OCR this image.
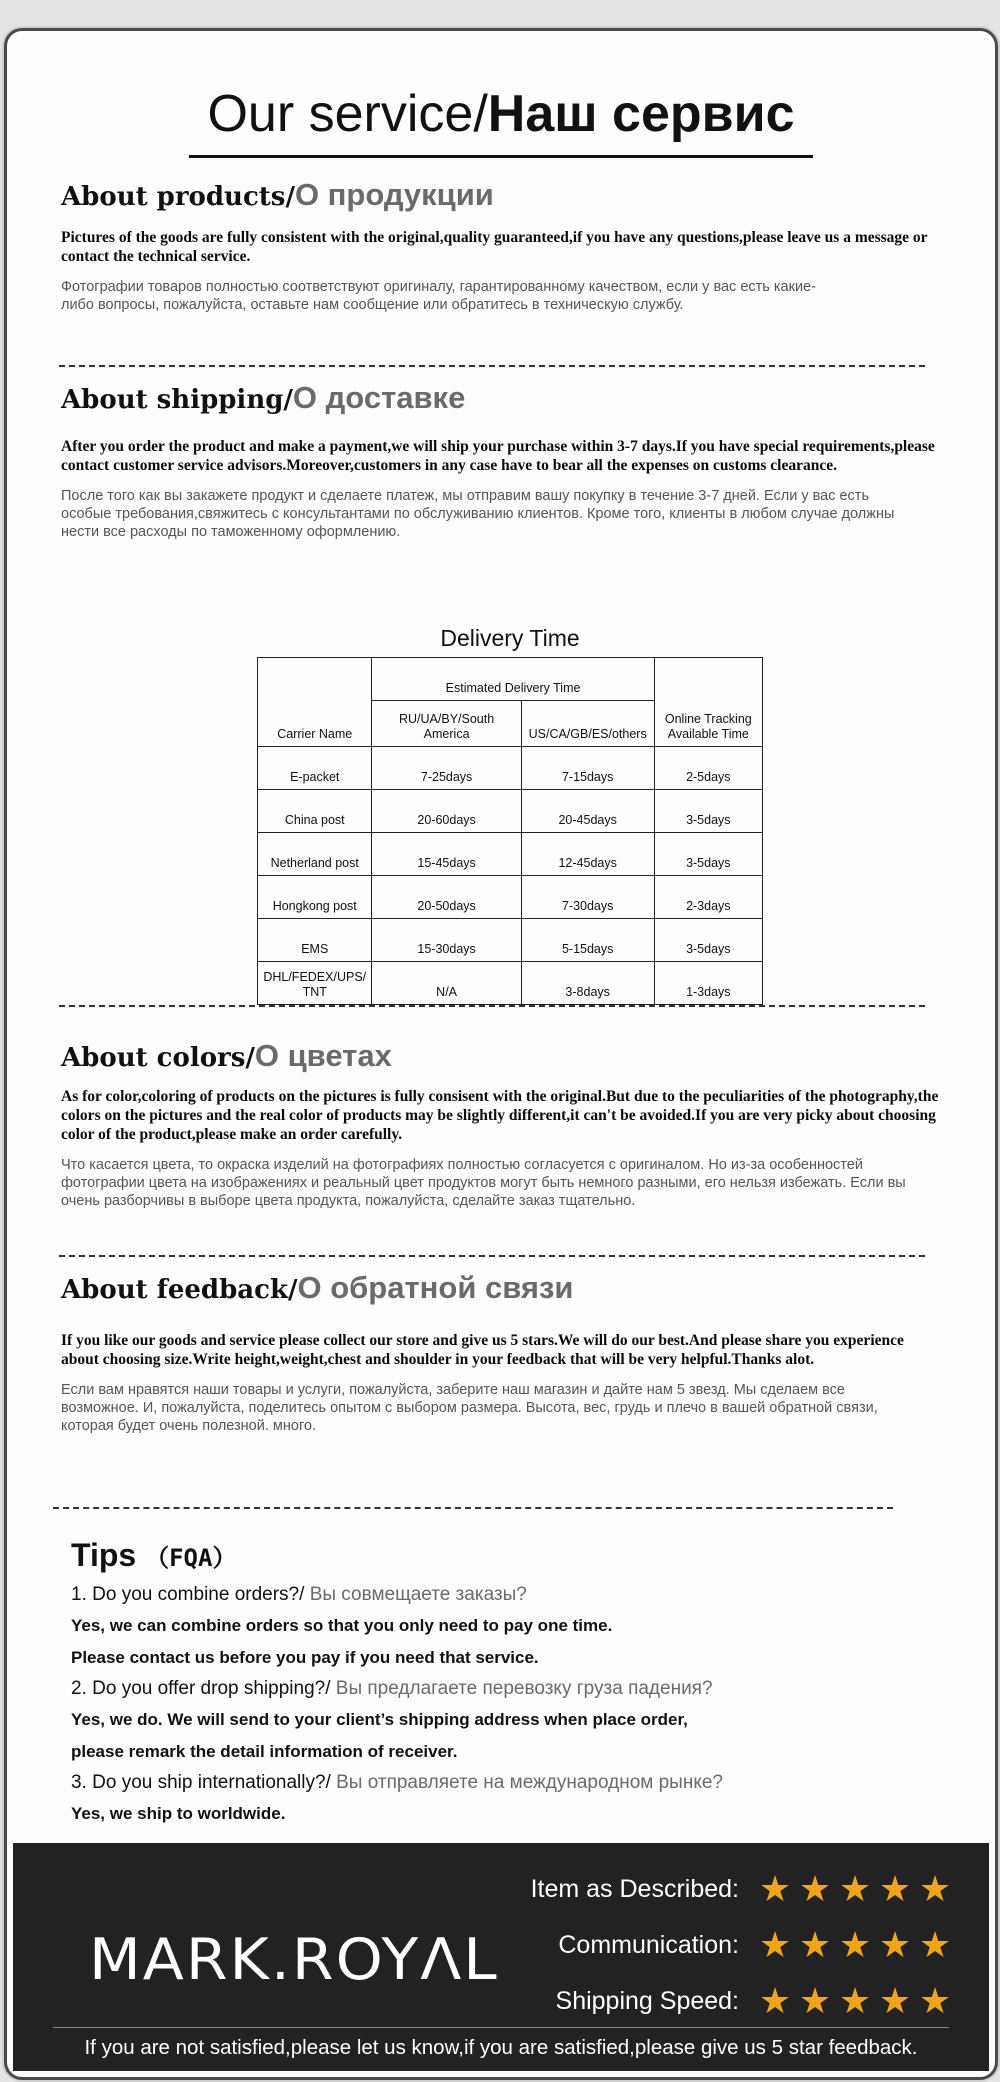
Our service/Наш сервис
About products/О продукции

Pictures of the goods are fully consistent with the original,quality guaranteed,if you have any questions,please leave us a message or contact the technical service.

Фотографии товаров полностью соответствуют оригиналу, гарантированному качеством, если у вас есть какие-либо вопросы, пожалуйста, оставьте нам сообщение или обратитесь в техническую службу.

About shipping/О доставке

After you order the product and make a payment,we will ship your purchase within 3-7 days.If you have special requirements,please contact customer service advisors.Moreover,customers in any case have to bear all the expenses on customs clearance.

После того как вы закажете продукт и сделаете платеж, мы отправим вашу покупку в течение 3-7 дней. Если у вас есть особые требования,свяжитесь с консультантами по обслуживанию клиентов. Кроме того, клиенты в любом случае должны нести все расходы по таможенному оформлению.

Delivery Time
Carrier Name	Estimated Delivery Time		Online Tracking Available Time
	RU/UA/BY/South America	US/CA/GB/ES/others	
E-packet	7-25days	7-15days	2-5days
China post	20-60days	20-45days	3-5days
Netherland post	15-45days	12-45days	3-5days
Hongkong post	20-50days	7-30days	2-3days
EMS	15-30days	5-15days	3-5days
DHL/FEDEX/UPS/ TNT	N/A	3-8days	1-3days
About colors/О цветах

As for color,coloring of products on the pictures is fully consisent with the original.But due to the peculiarities of the photography,the colors on the pictures and the real color of products may be slightly different,it can't be avoided.If you are very picky about choosing color of the product,please make an order carefully.

Что касается цвета, то окраска изделий на фотографиях полностью согласуется с оригиналом. Но из-за особенностей фотографии цвета на изображениях и реальный цвет продуктов могут быть немного разными, его нельзя избежать. Если вы очень разборчивы в выборе цвета продукта, пожалуйста, сделайте заказ тщательно.

About feedback/О обратной связи

If you like our goods and service please collect our store and give us 5 stars.We will do our best.And please share you experience about choosing size.Write height,weight,chest and shoulder in your feedback that will be very helpful.Thanks alot.

Если вам нравятся наши товары и услуги, пожалуйста, заберите наш магазин и дайте нам 5 звезд. Мы сделаем все возможное. И, пожалуйста, поделитесь опытом с выбором размера. Высота, вес, грудь и плечо в вашей обратной связи, которая будет очень полезной. много.

Tips （FQA）

1. Do you combine orders?/ Вы совмещаете заказы?

Yes, we can combine orders so that you only need to pay one time.

Please contact us before you pay if you need that service.

2. Do you offer drop shipping?/ Вы предлагаете перевозку груза падения?

Yes, we do. We will send to your client’s shipping address when place order,

please remark the detail information of receiver.

3. Do you ship internationally?/ Вы отправляете на международном рынке?

Yes, we ship to worldwide.

MARK.ROYΛL
Item as Described: ★ ★ ★ ★ ★
Communication: ★ ★ ★ ★ ★
Shipping Speed: ★ ★ ★ ★ ★
If you are not satisfied,please let us know,if you are satisfied,please give us 5 star feedback.
